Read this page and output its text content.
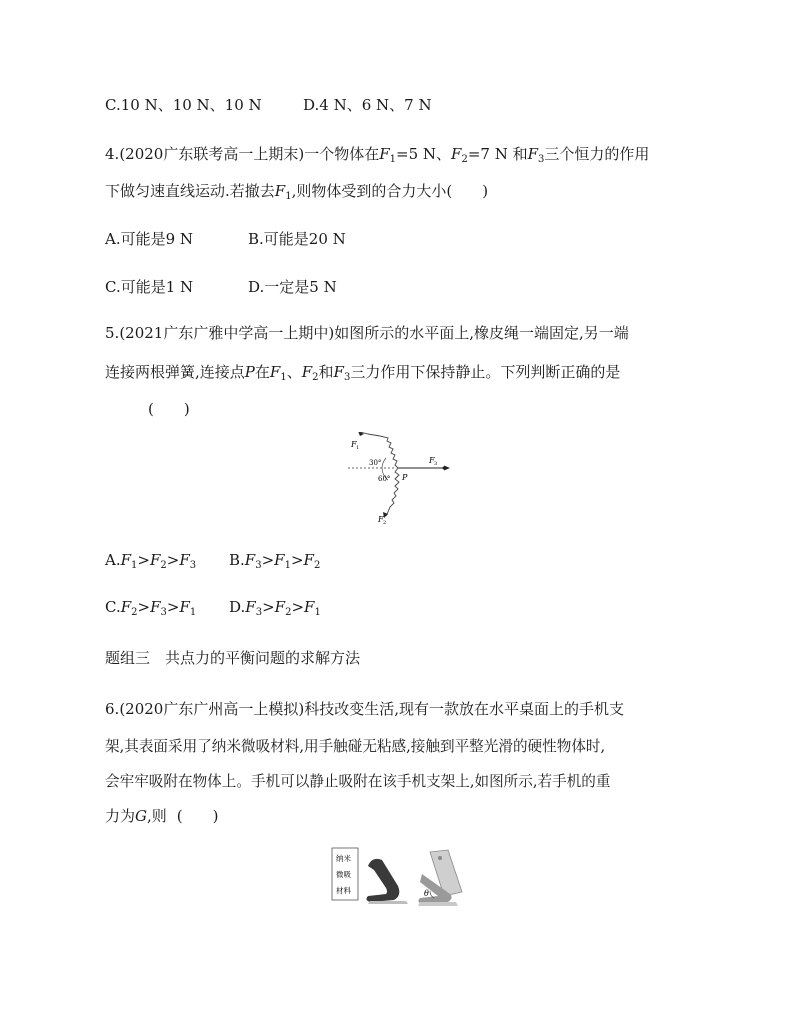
C.10 N、10 N、10 N	D.4 N、6 N、7 N
4.(2020广东联考高一上期末)一个物体在$F_1=5$ N、$F_2=7$ N 和$F_3$三个恒力的作用
下做匀速直线运动.若撤去$F_1$,则物体受到的合力大小(　　)
A.可能是9 N	B.可能是20 N
C.可能是1 N	D.一定是5 N
5.(2021广东广雅中学高一上期中)如图所示的水平面上,橡皮绳一端固定,另一端
连接两根弹簧,连接点P在$F_1$、$F_2$和$F_3$三力作用下保持静止。下列判断正确的是
(　　)
F 1
30°
60° P
F 3
F 2
$A.F_1>F_2>F_3$ $B.F_3>F_1>F_2$
$C.F_2>F_3>F_1$ $D.F_3>F_2>F_1$
题组三　共点力的平衡问题的求解方法
6.(2020广东广州高一上模拟)科技改变生活,现有一款放在水平桌面上的手机支
架,其表面采用了纳米微吸材料,用手触碰无粘感,接触到平整光滑的硬性物体时,
会牢牢吸附在物体上。手机可以静止吸附在该手机支架上,如图所示,若手机的重
力为G,则 (　　)
纳米
微吸
材料	θ
